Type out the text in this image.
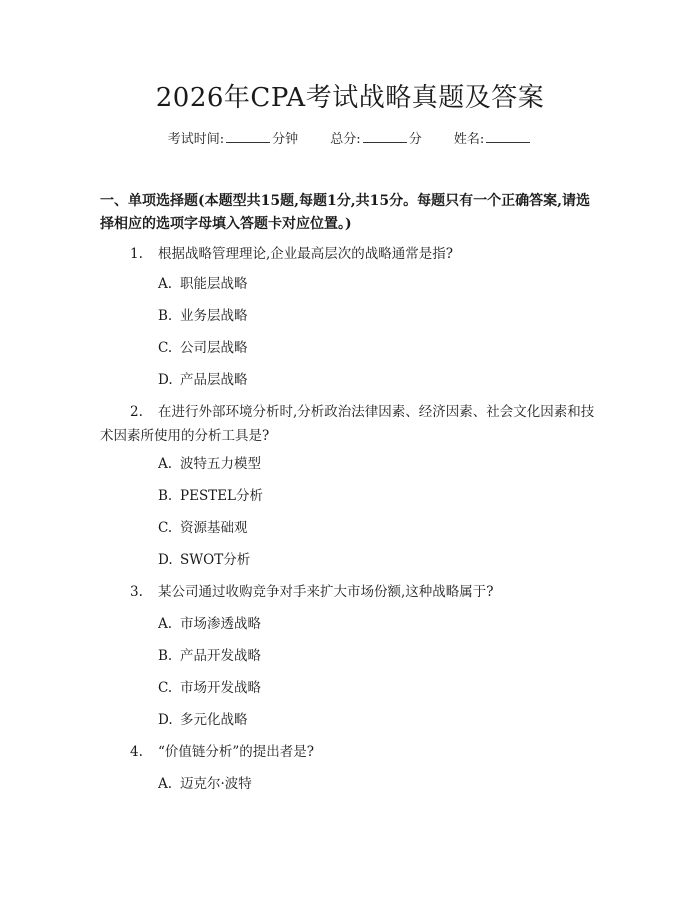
2026年CPA考试战略真题及答案
考试时间:	分钟 总分:	分 姓名:
一、单项选择题(本题型共15题,每题1分,共15分。每题只有一个正确答案,请选择相应的选项字母填入答题卡对应位置。)
1. 根据战略管理理论,企业最高层次的战略通常是指?
A. 职能层战略
B. 业务层战略
C. 公司层战略
D. 产品层战略
2. 在进行外部环境分析时,分析政治法律因素、经济因素、社会文化因素和技术因素所使用的分析工具是?
A. 波特五力模型
B. PESTEL分析
C. 资源基础观
D. SWOT分析
3. 某公司通过收购竞争对手来扩大市场份额,这种战略属于?
A. 市场渗透战略
B. 产品开发战略
C. 市场开发战略
D. 多元化战略
4. “价值链分析”的提出者是?
A. 迈克尔·波特
